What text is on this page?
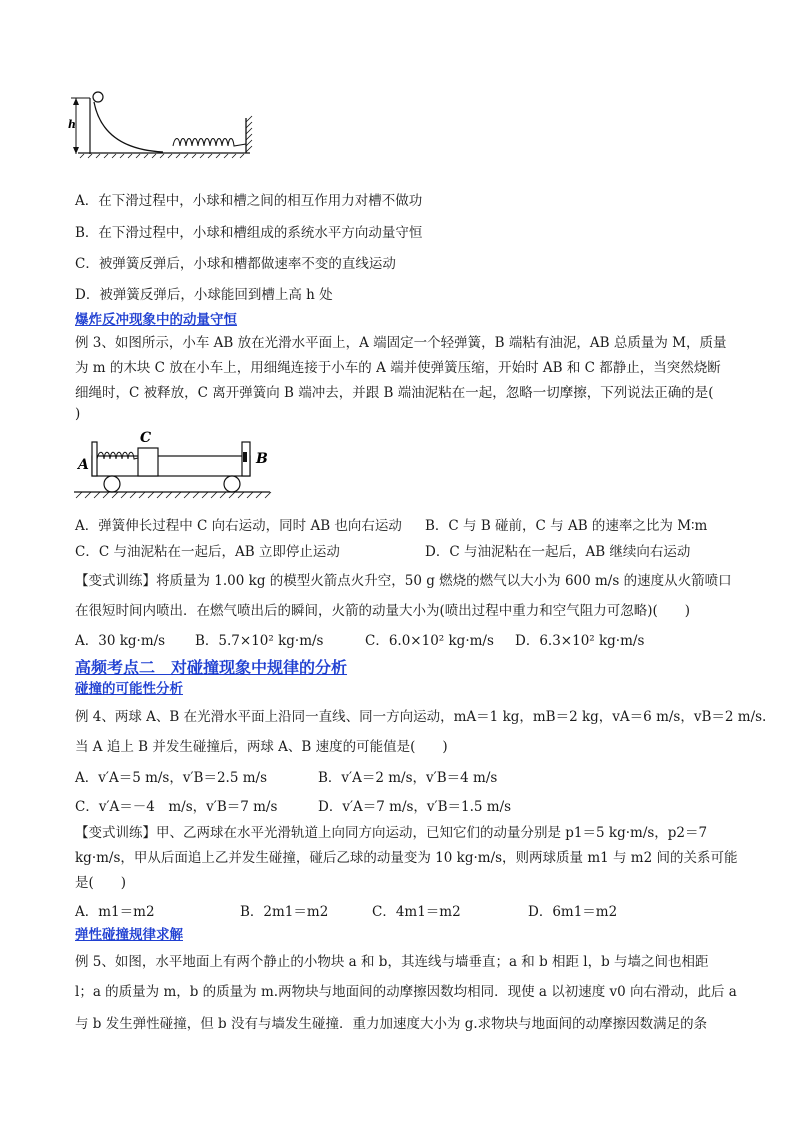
h
A．在下滑过程中，小球和槽之间的相互作用力对槽不做功
B．在下滑过程中，小球和槽组成的系统水平方向动量守恒
C．被弹簧反弹后，小球和槽都做速率不变的直线运动
D．被弹簧反弹后，小球能回到槽上高 h 处
爆炸反冲现象中的动量守恒
例 3、如图所示，小车 AB 放在光滑水平面上，A 端固定一个轻弹簧，B 端粘有油泥，AB 总质量为 M，质量
为 m 的木块 C 放在小车上，用细绳连接于小车的 A 端并使弹簧压缩，开始时 AB 和 C 都静止，当突然烧断
细绳时，C 被释放，C 离开弹簧向 B 端冲去，并跟 B 端油泥粘在一起，忽略一切摩擦，下列说法正确的是(
)
C
A	B
A．弹簧伸长过程中 C 向右运动，同时 AB 也向右运动 B．C 与 B 碰前，C 与 AB 的速率之比为 M∶m
C．C 与油泥粘在一起后，AB 立即停止运动	D．C 与油泥粘在一起后，AB 继续向右运动
【变式训练】将质量为 1.00 kg 的模型火箭点火升空，50 g 燃烧的燃气以大小为 600 m/s 的速度从火箭喷口
在很短时间内喷出．在燃气喷出后的瞬间，火箭的动量大小为(喷出过程中重力和空气阻力可忽略)(　　)
A．30 kg·m/s B．5.7×10² kg·m/s	C．6.0×10² kg·m/s D．6.3×10² kg·m/s
高频考点二　对碰撞现象中规律的分析
碰撞的可能性分析
例 4、两球 A、B 在光滑水平面上沿同一直线、同一方向运动，mA＝1 kg，mB＝2 kg，vA＝6 m/s，vB＝2 m/s.
当 A 追上 B 并发生碰撞后，两球 A、B 速度的可能值是(　　)
A．v′A＝5 m/s，v′B＝2.5 m/s	B．v′A＝2 m/s，v′B＝4 m/s
C．v′A＝－4　m/s，v′B＝7 m/s	D．v′A＝7 m/s，v′B＝1.5 m/s
【变式训练】甲、乙两球在水平光滑轨道上向同方向运动，已知它们的动量分别是 p1＝5 kg·m/s，p2＝7
kg·m/s，甲从后面追上乙并发生碰撞，碰后乙球的动量变为 10 kg·m/s，则两球质量 m1 与 m2 间的关系可能
是(　　)
A．m1＝m2	B．2m1＝m2	C．4m1＝m2	D．6m1＝m2
弹性碰撞规律求解
例 5、如图，水平地面上有两个静止的小物块 a 和 b，其连线与墙垂直；a 和 b 相距 l，b 与墙之间也相距
l；a 的质量为 m，b 的质量为 m.两物块与地面间的动摩擦因数均相同．现使 a 以初速度 v0 向右滑动，此后 a
与 b 发生弹性碰撞，但 b 没有与墙发生碰撞．重力加速度大小为 g.求物块与地面间的动摩擦因数满足的条
